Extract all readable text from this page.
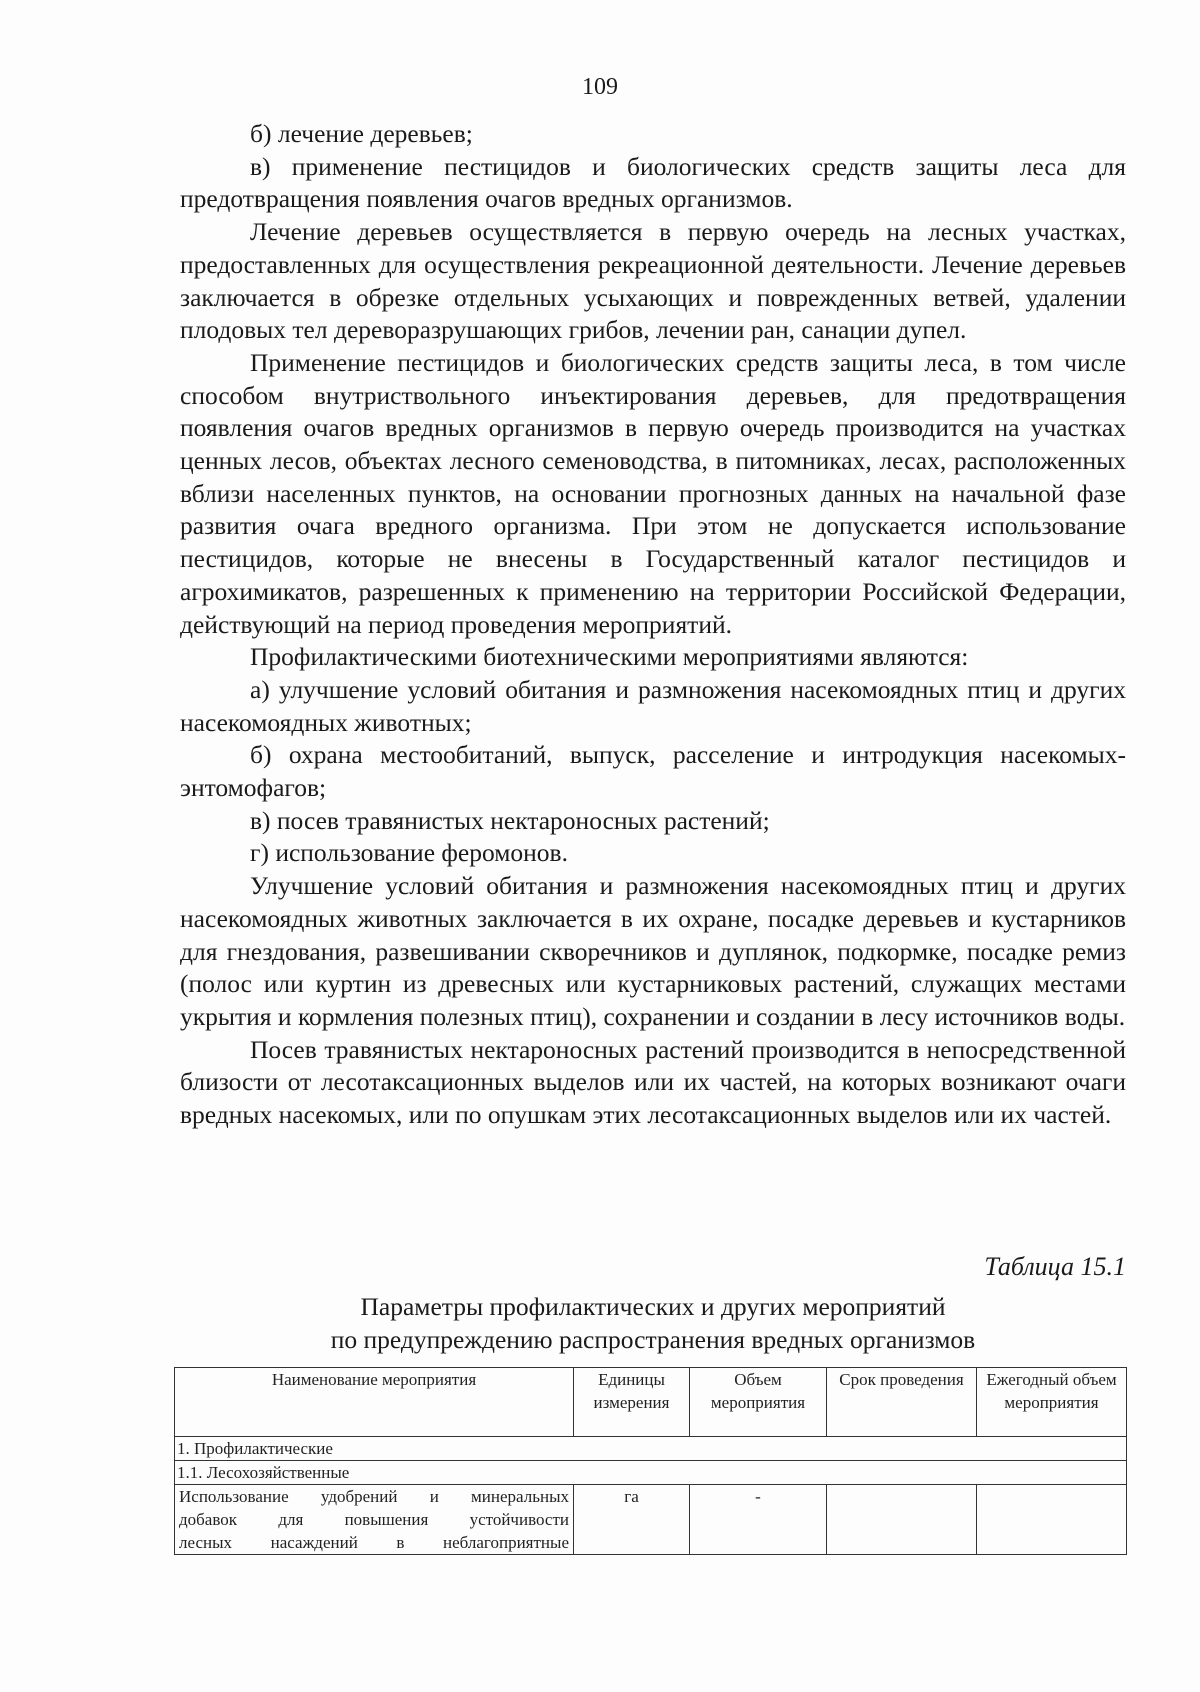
109

б) лечение деревьев;

в) применение пестицидов и биологических средств защиты леса для предотвращения появления очагов вредных организмов.

Лечение деревьев осуществляется в первую очередь на лесных участках, предоставленных для осуществления рекреационной деятельности. Лечение деревьев заключается в обрезке отдельных усыхающих и поврежденных ветвей, удалении плодовых тел дереворазрушающих грибов, лечении ран, санации дупел.

Применение пестицидов и биологических средств защиты леса, в том числе способом внутриствольного инъектирования деревьев, для предотвращения появления очагов вредных организмов в первую очередь производится на участках ценных лесов, объектах лесного семеноводства, в питомниках, лесах, расположенных вблизи населенных пунктов, на основании прогнозных данных на начальной фазе развития очага вредного организма. При этом не допускается использование пестицидов, которые не внесены в Государственный каталог пестицидов и агрохимикатов, разрешенных к применению на территории Российской Федерации, действующий на период проведения мероприятий.

Профилактическими биотехническими мероприятиями являются:

а) улучшение условий обитания и размножения насекомоядных птиц и других насекомоядных животных;

б) охрана местообитаний, выпуск, расселение и интродукция насекомых-энтомофагов;

в) посев травянистых нектароносных растений;

г) использование феромонов.

Улучшение условий обитания и размножения насекомоядных птиц и других насекомоядных животных заключается в их охране, посадке деревьев и кустарников для гнездования, развешивании скворечников и дуплянок, подкормке, посадке ремиз (полос или куртин из древесных или кустарниковых растений, служащих местами укрытия и кормления полезных птиц), сохранении и создании в лесу источников воды.

Посев травянистых нектароносных растений производится в непосредственной близости от лесотаксационных выделов или их частей, на которых возникают очаги вредных насекомых, или по опушкам этих лесотаксационных выделов или их частей.

Таблица 15.1
Параметры профилактических и других мероприятий
по предупреждению распространения вредных организмов
Наименование мероприятия	Единицы измерения	Объем мероприятия	Срок проведения	Ежегодный объем мероприятия
1. Профилактические				
1.1. Лесохозяйственные				

Использование удобрений и минеральных
добавок для повышения устойчивости
лесных насаждений в неблагоприятные	га	-		
